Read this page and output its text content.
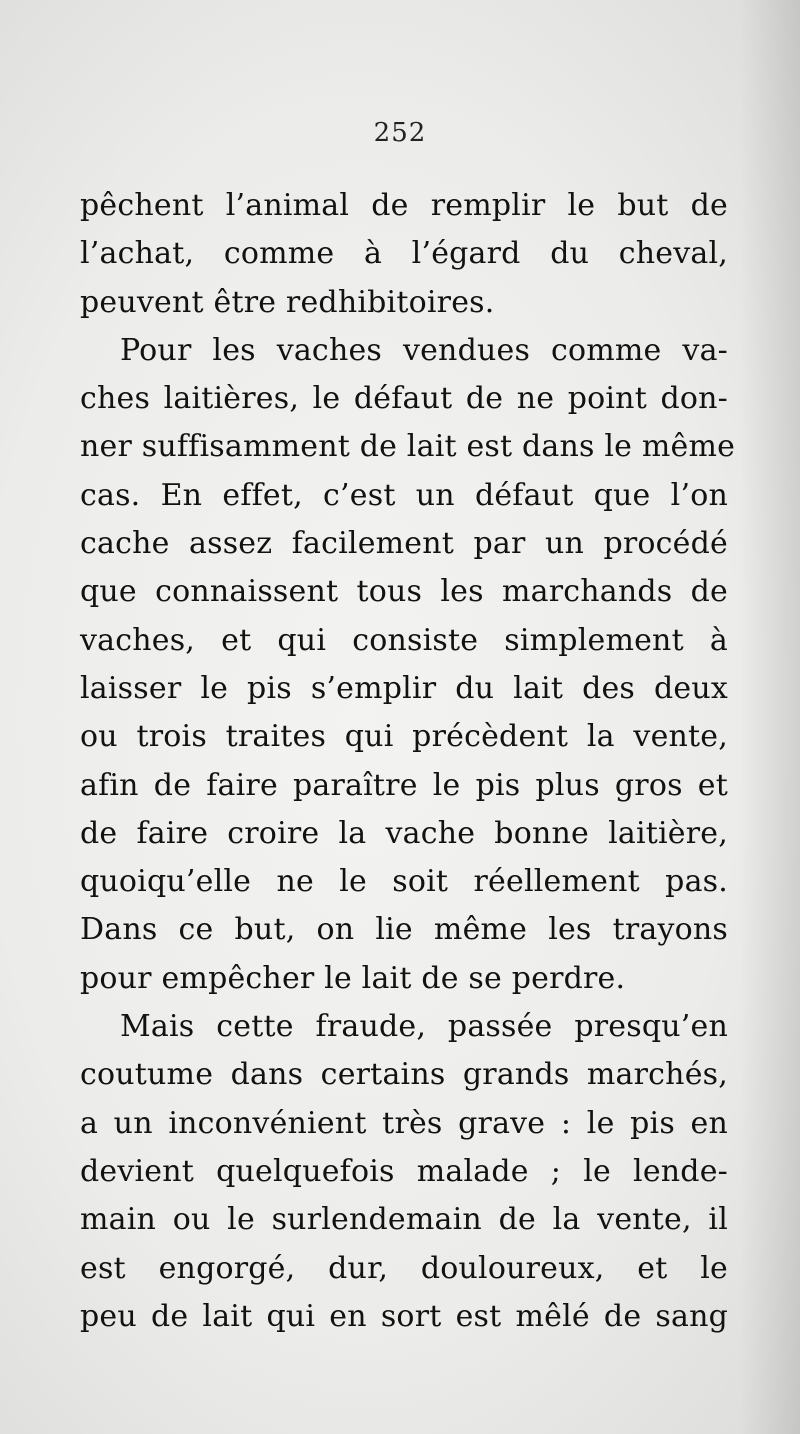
252
pêchent l’animal de remplir le but de
l’achat, comme à l’égard du cheval,
peuvent être redhibitoires.
Pour les vaches vendues comme va-
ches laitières, le défaut de ne point don-
ner suffisamment de lait est dans le même
cas. En effet, c’est un défaut que l’on
cache assez facilement par un procédé
que connaissent tous les marchands de
vaches, et qui consiste simplement à
laisser le pis s’emplir du lait des deux
ou trois traites qui précèdent la vente,
afin de faire paraître le pis plus gros et
de faire croire la vache bonne laitière,
quoiqu’elle ne le soit réellement pas.
Dans ce but, on lie même les trayons
pour empêcher le lait de se perdre.
Mais cette fraude, passée presqu’en
coutume dans certains grands marchés,
a un inconvénient très grave : le pis en
devient quelquefois malade ; le lende-
main ou le surlendemain de la vente, il
est engorgé, dur, douloureux, et le
peu de lait qui en sort est mêlé de sang
